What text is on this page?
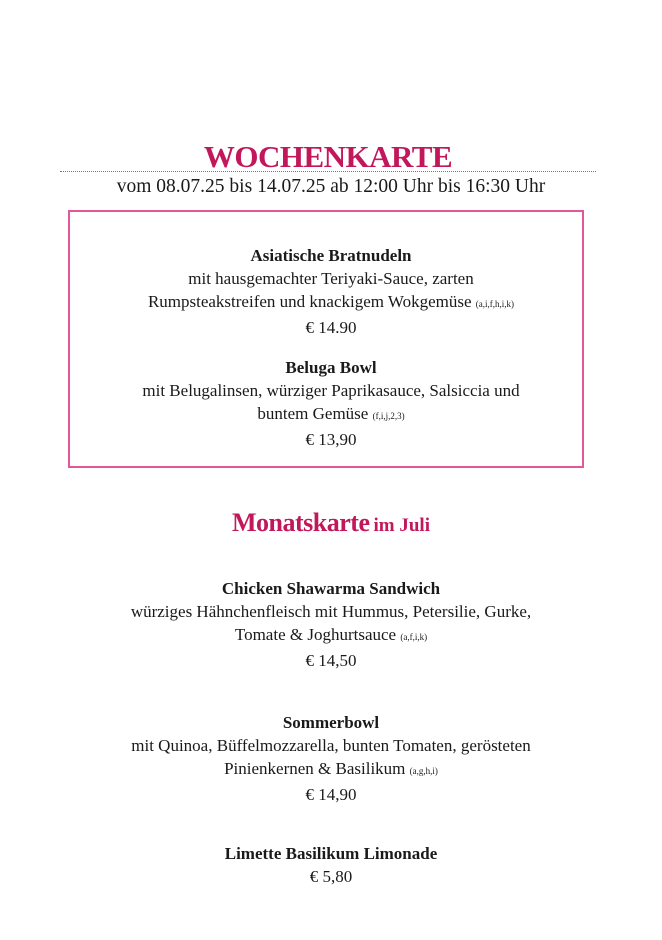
WOCHENKARTE
vom 08.07.25 bis 14.07.25 ab 12:00 Uhr bis 16:30 Uhr
Asiatische Bratnudeln
mit hausgemachter Teriyaki-Sauce, zarten
Rumpsteakstreifen und knackigem Wokgemüse (a,i,f,h,i,k)
€ 14.90
Beluga Bowl
mit Belugalinsen, würziger Paprikasauce, Salsiccia und
buntem Gemüse (f,i,j,2,3)
€ 13,90
Monatskarte im Juli
Chicken Shawarma Sandwich
würziges Hähnchenfleisch mit Hummus, Petersilie, Gurke,
Tomate & Joghurtsauce (a,f,i,k)
€ 14,50
Sommerbowl
mit Quinoa, Büffelmozzarella, bunten Tomaten, gerösteten
Pinienkernen & Basilikum (a,g,h,i)
€ 14,90
Limette Basilikum Limonade
€ 5,80
